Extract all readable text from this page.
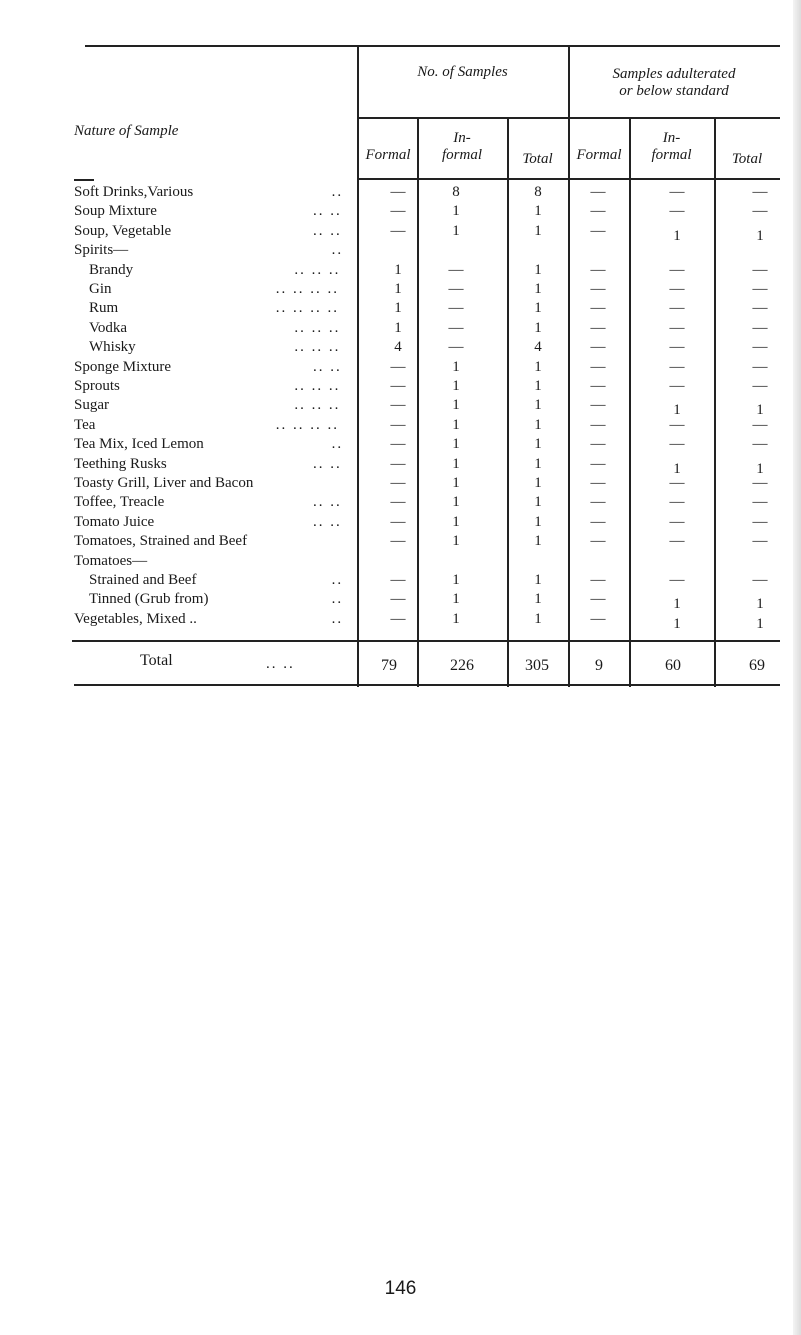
Nature of Sample
No. of Samples	Samples adulterated
or below standard
Formal
In-
formal	Total	Formal
In-
formal	Total
Soft Drinks,Various	..	—	8	8	—	—	—
Soup Mixture	.. ..	—	1	1	—	—	—
Soup, Vegetable	.. ..	—	1	1	—	1	1
Spirits—	..
Brandy	.. .. ..	1	—	1	—	—	—
Gin	.. .. .. ..	1	—	1	—	—	—
Rum	.. .. .. ..	1	—	1	—	—	—
Vodka	.. .. ..	1	—	1	—	—	—
Whisky	.. .. ..	4	—	4	—	—	—
Sponge Mixture	.. ..	—	1	1	—	—	—
Sprouts	.. .. ..	—	1	1	—	—	—
Sugar	.. .. ..	—	1	1	—	1	1
Tea	.. .. .. ..	—	1	1	—	—	—
Tea Mix, Iced Lemon	..	—	1	1	—	—	—
Teething Rusks	.. ..	—	1	1	—	1	1
Toasty Grill, Liver and Bacon	—	1	1	—	—	—
Toffee, Treacle	.. ..	—	1	1	—	—	—
Tomato Juice	.. ..	—	1	1	—	—	—
Tomatoes, Strained and Beef	—	1	1	—	—	—
Tomatoes—
Strained and Beef	..	—	1	1	—	—	—
Tinned (Grub from)	..	—	1	1	—	1	1
Vegetables, Mixed ..	..	—	1	1	—	1	1
Total	.. ..	79	226	305	9	60	69
146
